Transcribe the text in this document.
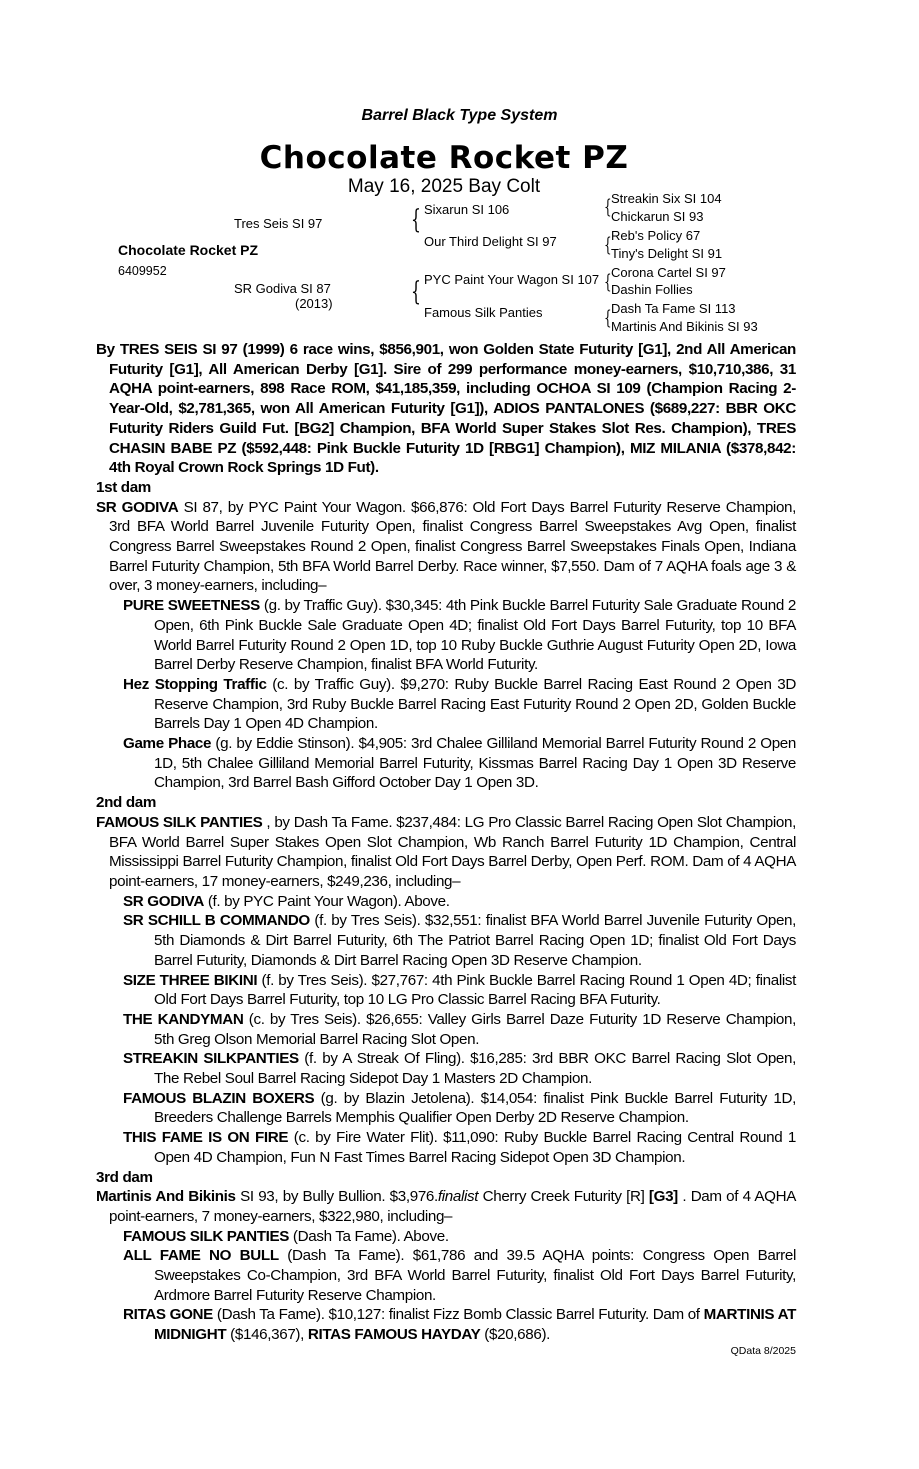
Barrel Black Type System
Chocolate Rocket PZ
May 16, 2025 Bay Colt
Chocolate Rocket PZ
6409952
Tres Seis SI 97
SR Godiva SI 87
(2013)
{ Sixarun SI 106
Our Third Delight SI 97
{ PYC Paint Your Wagon SI 107
Famous Silk Panties
{ Streakin Six SI 104
Chickarun SI 93
{ Reb's Policy 67
Tiny's Delight SI 91
{ Corona Cartel SI 97
Dashin Follies
{ Dash Ta Fame SI 113
Martinis And Bikinis SI 93

By TRES SEIS SI 97 (1999) 6 race wins, $856,901, won Golden State Futurity [G1], 2nd All American Futurity [G1], All American Derby [G1]. Sire of 299 performance money-earners, $10,710,386, 31 AQHA point-earners, 898 Race ROM, $41,185,359, including OCHOA SI 109 (Champion Racing 2-Year-Old, $2,781,365, won All American Futurity [G1]), ADIOS PANTALONES ($689,227: BBR OKC Futurity Riders Guild Fut. [BG2] Champion, BFA World Super Stakes Slot Res. Champion), TRES CHASIN BABE PZ ($592,448: Pink Buckle Futurity 1D [RBG1] Champion), MIZ MILANIA ($378,842: 4th Royal Crown Rock Springs 1D Fut).

1st dam

SR GODIVA SI 87, by PYC Paint Your Wagon. $66,876: Old Fort Days Barrel Futurity Reserve Champion, 3rd BFA World Barrel Juvenile Futurity Open, finalist Congress Barrel Sweepstakes Avg Open, finalist Congress Barrel Sweepstakes Round 2 Open, finalist Congress Barrel Sweepstakes Finals Open, Indiana Barrel Futurity Champion, 5th BFA World Barrel Derby. Race winner, $7,550. Dam of 7 AQHA foals age 3 & over, 3 money-earners, including–

PURE SWEETNESS (g. by Traffic Guy). $30,345: 4th Pink Buckle Barrel Futurity Sale Graduate Round 2 Open, 6th Pink Buckle Sale Graduate Open 4D; finalist Old Fort Days Barrel Futurity, top 10 BFA World Barrel Futurity Round 2 Open 1D, top 10 Ruby Buckle Guthrie August Futurity Open 2D, Iowa Barrel Derby Reserve Champion, finalist BFA World Futurity.

Hez Stopping Traffic (c. by Traffic Guy). $9,270: Ruby Buckle Barrel Racing East Round 2 Open 3D Reserve Champion, 3rd Ruby Buckle Barrel Racing East Futurity Round 2 Open 2D, Golden Buckle Barrels Day 1 Open 4D Champion.

Game Phace (g. by Eddie Stinson). $4,905: 3rd Chalee Gilliland Memorial Barrel Futurity Round 2 Open 1D, 5th Chalee Gilliland Memorial Barrel Futurity, Kissmas Barrel Racing Day 1 Open 3D Reserve Champion, 3rd Barrel Bash Gifford October Day 1 Open 3D.

2nd dam

FAMOUS SILK PANTIES , by Dash Ta Fame. $237,484: LG Pro Classic Barrel Racing Open Slot Champion, BFA World Barrel Super Stakes Open Slot Champion, Wb Ranch Barrel Futurity 1D Champion, Central Mississippi Barrel Futurity Champion, finalist Old Fort Days Barrel Derby, Open Perf. ROM. Dam of 4 AQHA point-earners, 17 money-earners, $249,236, including–

SR GODIVA (f. by PYC Paint Your Wagon). Above.

SR SCHILL B COMMANDO (f. by Tres Seis). $32,551: finalist BFA World Barrel Juvenile Futurity Open, 5th Diamonds & Dirt Barrel Futurity, 6th The Patriot Barrel Racing Open 1D; finalist Old Fort Days Barrel Futurity, Diamonds & Dirt Barrel Racing Open 3D Reserve Champion.

SIZE THREE BIKINI (f. by Tres Seis). $27,767: 4th Pink Buckle Barrel Racing Round 1 Open 4D; finalist Old Fort Days Barrel Futurity, top 10 LG Pro Classic Barrel Racing BFA Futurity.

THE KANDYMAN (c. by Tres Seis). $26,655: Valley Girls Barrel Daze Futurity 1D Reserve Champion, 5th Greg Olson Memorial Barrel Racing Slot Open.

STREAKIN SILKPANTIES (f. by A Streak Of Fling). $16,285: 3rd BBR OKC Barrel Racing Slot Open, The Rebel Soul Barrel Racing Sidepot Day 1 Masters 2D Champion.

FAMOUS BLAZIN BOXERS (g. by Blazin Jetolena). $14,054: finalist Pink Buckle Barrel Futurity 1D, Breeders Challenge Barrels Memphis Qualifier Open Derby 2D Reserve Champion.

THIS FAME IS ON FIRE (c. by Fire Water Flit). $11,090: Ruby Buckle Barrel Racing Central Round 1 Open 4D Champion, Fun N Fast Times Barrel Racing Sidepot Open 3D Champion.

3rd dam

Martinis And Bikinis SI 93, by Bully Bullion. $3,976.finalist Cherry Creek Futurity [R] [G3] . Dam of 4 AQHA point-earners, 7 money-earners, $322,980, including–

FAMOUS SILK PANTIES (Dash Ta Fame). Above.

ALL FAME NO BULL (Dash Ta Fame). $61,786 and 39.5 AQHA points: Congress Open Barrel Sweepstakes Co-Champion, 3rd BFA World Barrel Futurity, finalist Old Fort Days Barrel Futurity, Ardmore Barrel Futurity Reserve Champion.

RITAS GONE (Dash Ta Fame). $10,127: finalist Fizz Bomb Classic Barrel Futurity. Dam of MARTINIS AT MIDNIGHT ($146,367), RITAS FAMOUS HAYDAY ($20,686).

QData 8/2025
